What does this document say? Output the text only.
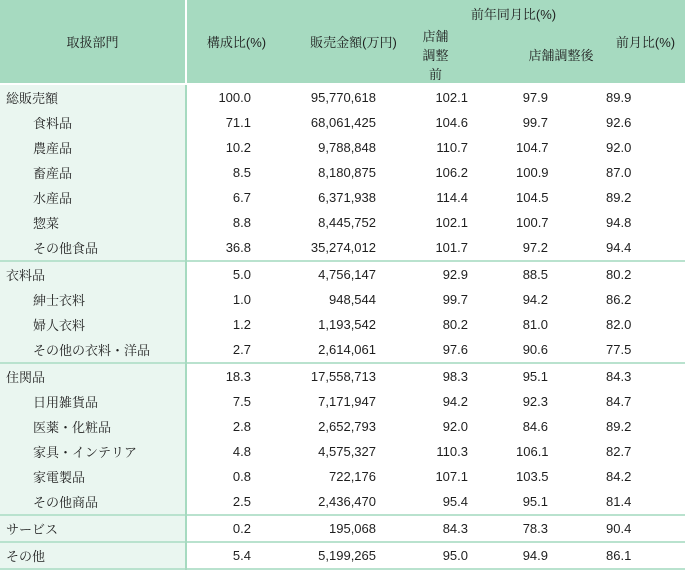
取扱部門	構成比(%)	販売金額(万円)	前年同月比(%)		前月比(%)
			店舗調整前	店舗調整後	
総販売額	100.0	95,770,618	102.1	97.9	89.9
食料品	71.1	68,061,425	104.6	99.7	92.6
農産品	10.2	9,788,848	110.7	104.7	92.0
畜産品	8.5	8,180,875	106.2	100.9	87.0
水産品	6.7	6,371,938	114.4	104.5	89.2
惣菜	8.8	8,445,752	102.1	100.7	94.8
その他食品	36.8	35,274,012	101.7	97.2	94.4
衣料品	5.0	4,756,147	92.9	88.5	80.2
紳士衣料	1.0	948,544	99.7	94.2	86.2
婦人衣料	1.2	1,193,542	80.2	81.0	82.0
その他の衣料・洋品	2.7	2,614,061	97.6	90.6	77.5
住関品	18.3	17,558,713	98.3	95.1	84.3
日用雑貨品	7.5	7,171,947	94.2	92.3	84.7
医薬・化粧品	2.8	2,652,793	92.0	84.6	89.2
家具・インテリア	4.8	4,575,327	110.3	106.1	82.7
家電製品	0.8	722,176	107.1	103.5	84.2
その他商品	2.5	2,436,470	95.4	95.1	81.4
サービス	0.2	195,068	84.3	78.3	90.4
その他	5.4	5,199,265	95.0	94.9	86.1
